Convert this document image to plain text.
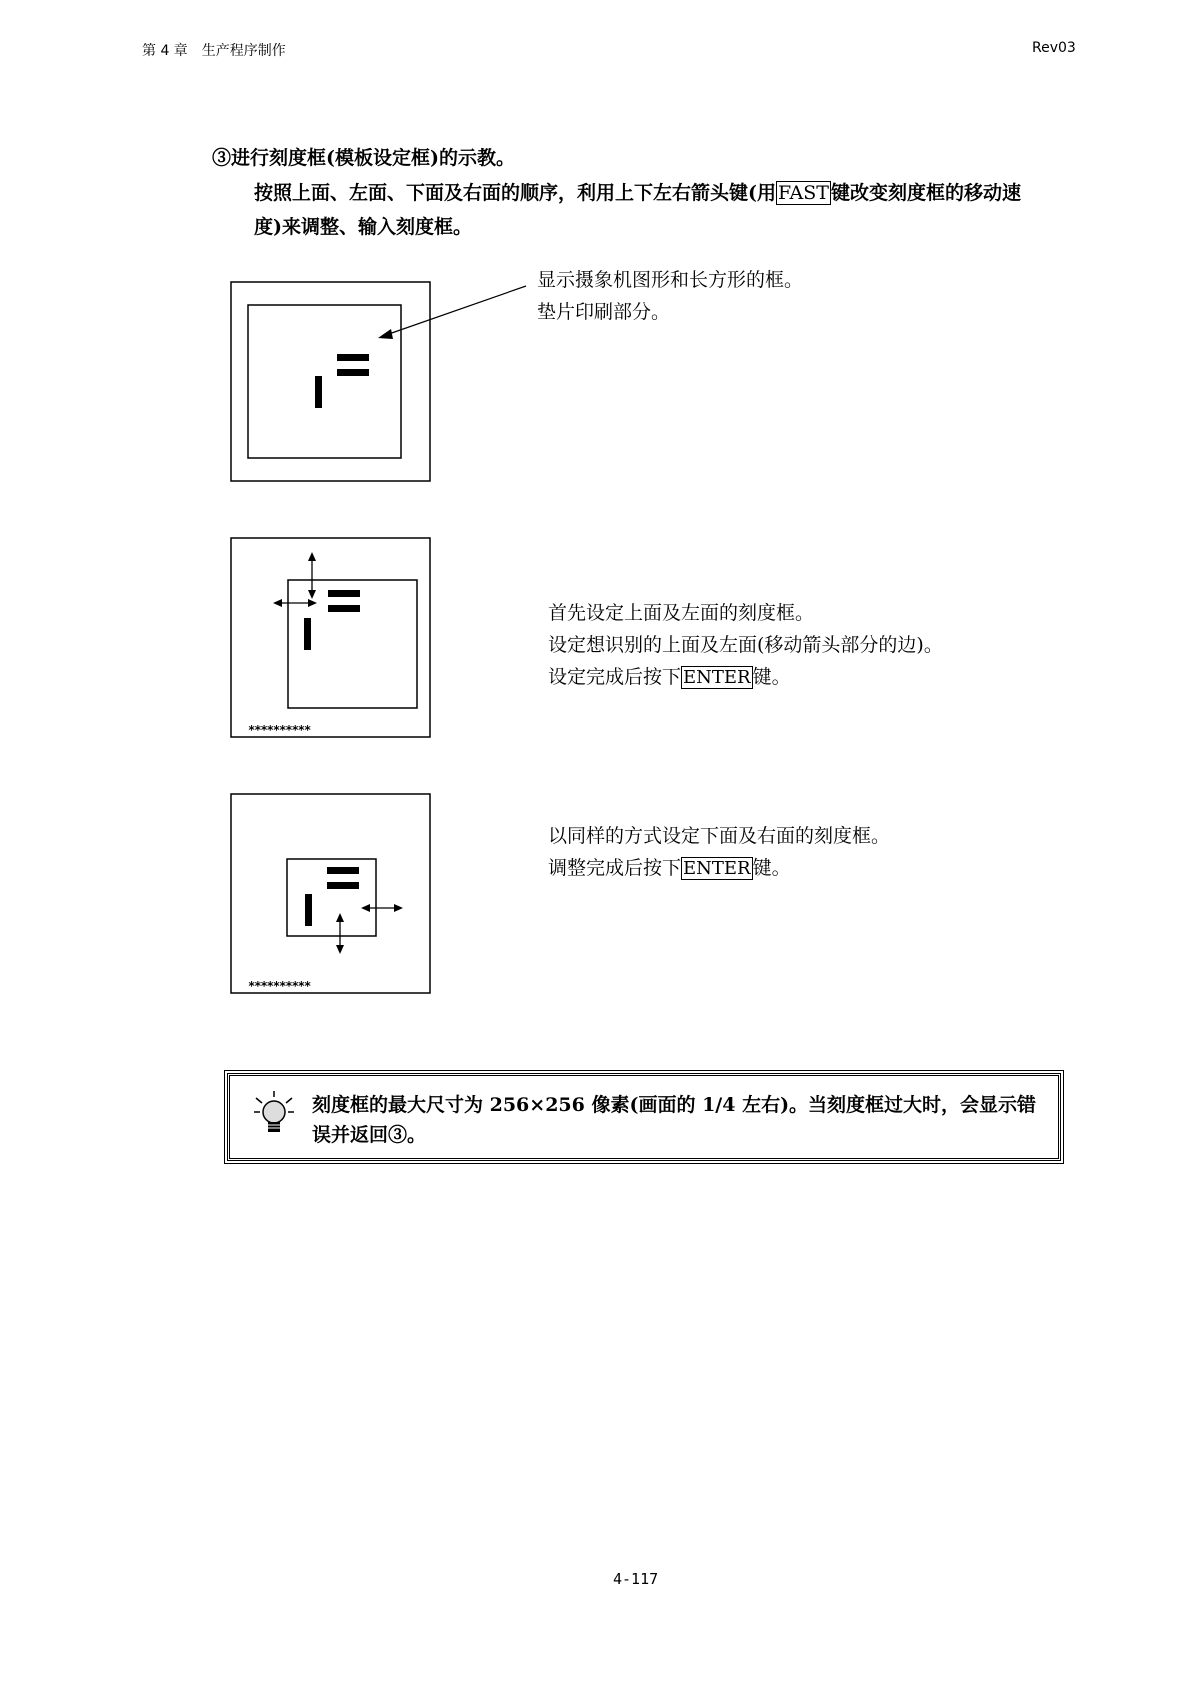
第 4 章　生产程序制作	Rev03
③进行刻度框(模板设定框)的示教。
按照上面、左面、下面及右面的顺序，利用上下左右箭头键(用 FAST 键改变刻度框的移动速
度)来调整、输入刻度框。
显示摄象机图形和长方形的框。
垫片印刷部分。
**********
首先设定上面及左面的刻度框。
设定想识别的上面及左面(移动箭头部分的边)。
设定完成后按下 ENTER 键。
**********
以同样的方式设定下面及右面的刻度框。
调整完成后按下 ENTER 键。
刻度框的最大尺寸为 256×256 像素(画面的 1/4 左右)。当刻度框过大时，会显示错误并返回③。
4-117
